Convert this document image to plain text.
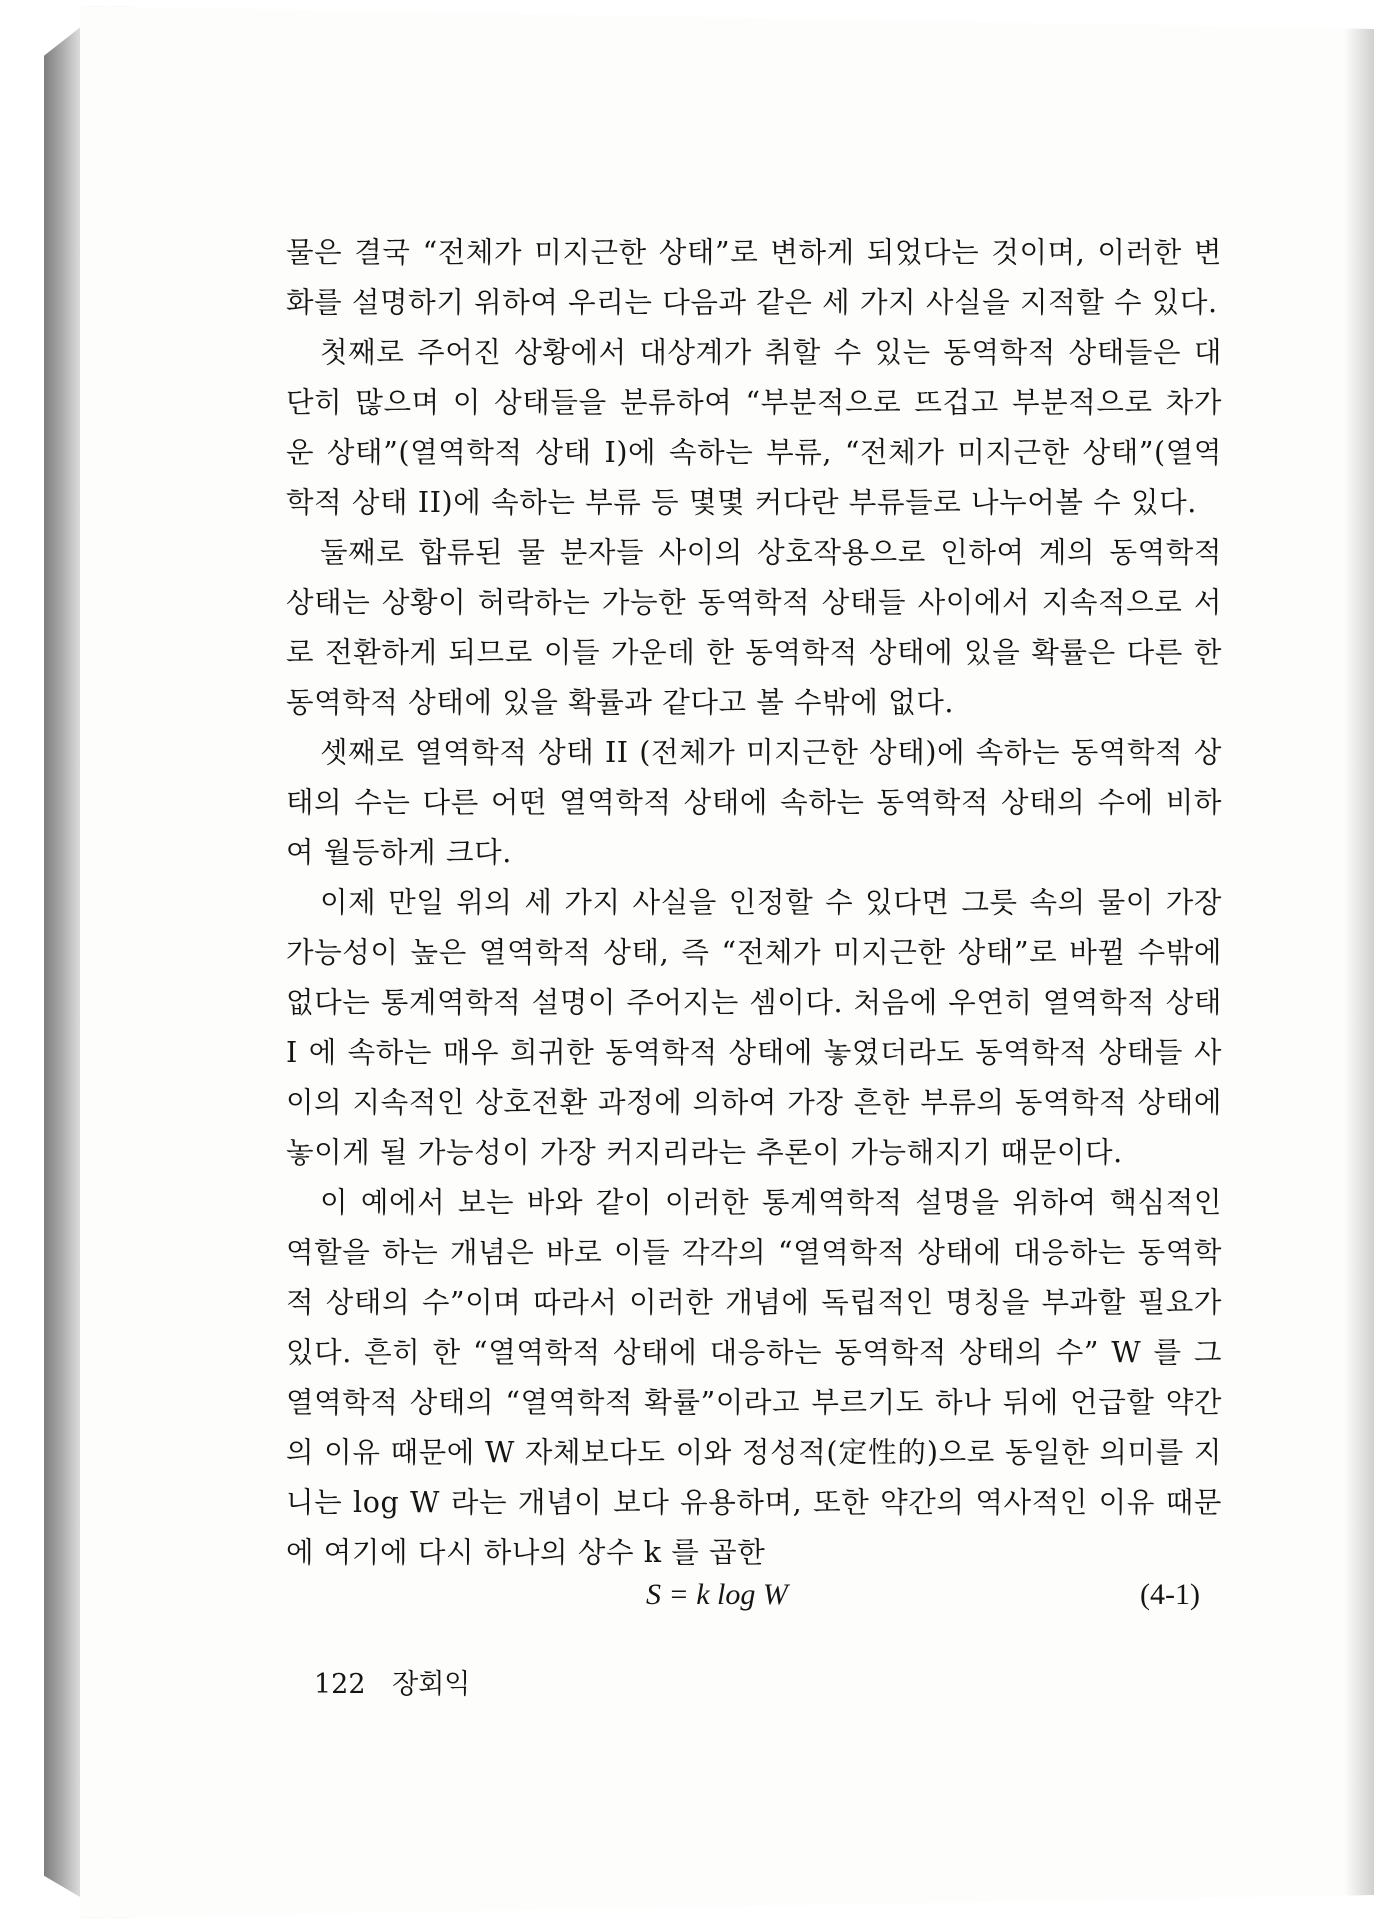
물은 결국 “전체가 미지근한 상태”로 변하게 되었다는 것이며, 이러한 변화를 설명하기 위하여 우리는 다음과 같은 세 가지 사실을 지적할 수 있다.

첫째로 주어진 상황에서 대상계가 취할 수 있는 동역학적 상태들은 대단히 많으며 이 상태들을 분류하여 “부분적으로 뜨겁고 부분적으로 차가운 상태”(열역학적 상태 I)에 속하는 부류, “전체가 미지근한 상태”(열역학적 상태 II)에 속하는 부류 등 몇몇 커다란 부류들로 나누어볼 수 있다.

둘째로 합류된 물 분자들 사이의 상호작용으로 인하여 계의 동역학적 상태는 상황이 허락하는 가능한 동역학적 상태들 사이에서 지속적으로 서로 전환하게 되므로 이들 가운데 한 동역학적 상태에 있을 확률은 다른 한 동역학적 상태에 있을 확률과 같다고 볼 수밖에 없다.

셋째로 열역학적 상태 II (전체가 미지근한 상태)에 속하는 동역학적 상태의 수는 다른 어떤 열역학적 상태에 속하는 동역학적 상태의 수에 비하여 월등하게 크다.

이제 만일 위의 세 가지 사실을 인정할 수 있다면 그릇 속의 물이 가장 가능성이 높은 열역학적 상태, 즉 “전체가 미지근한 상태”로 바뀔 수밖에 없다는 통계역학적 설명이 주어지는 셈이다. 처음에 우연히 열역학적 상태 I 에 속하는 매우 희귀한 동역학적 상태에 놓였더라도 동역학적 상태들 사이의 지속적인 상호전환 과정에 의하여 가장 흔한 부류의 동역학적 상태에 놓이게 될 가능성이 가장 커지리라는 추론이 가능해지기 때문이다.

이 예에서 보는 바와 같이 이러한 통계역학적 설명을 위하여 핵심적인 역할을 하는 개념은 바로 이들 각각의 “열역학적 상태에 대응하는 동역학적 상태의 수”이며 따라서 이러한 개념에 독립적인 명칭을 부과할 필요가 있다. 흔히 한 “열역학적 상태에 대응하는 동역학적 상태의 수” W 를 그 열역학적 상태의 “열역학적 확률”이라고 부르기도 하나 뒤에 언급할 약간의 이유 때문에 W 자체보다도 이와 정성적(定性的)으로 동일한 의미를 지니는 log W 라는 개념이 보다 유용하며, 또한 약간의 역사적인 이유 때문에 여기에 다시 하나의 상수 k 를 곱한

S = k log W	(4-1)
122 장회익
